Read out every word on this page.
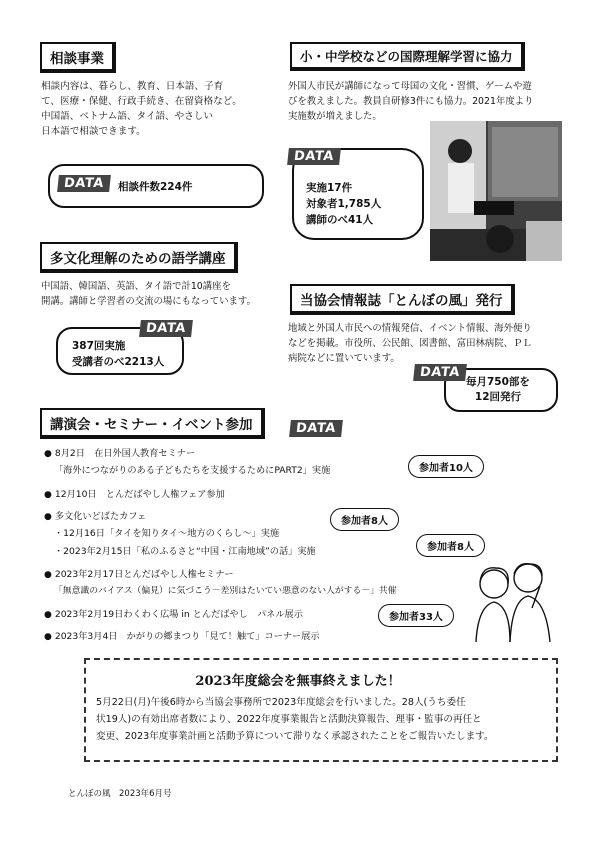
相談事業
相談内容は、暮らし、教育、日本語、子育
て、医療・保健、行政手続き、在留資格など。
中国語、ベトナム語、タイ語、やさしい
日本語で相談できます。
DATA	相談件数224件
小・中学校などの国際理解学習に協力
外国人市民が講師になって母国の文化・習慣、ゲームや遊
びを教えました。教員自研修3件にも協力。2021年度より
実施数が増えました。
DATA
実施17件
対象者1,785人
講師のべ41人
多文化理解のための語学講座
中国語、韓国語、英語、タイ語で計10講座を
開講。講師と学習者の交流の場にもなっています。
DATA
387回実施
受講者のべ2213人
当協会情報誌「とんぼの風」発行
地域と外国人市民への情報発信、イベント情報、海外便り
などを掲載。市役所、公民館、図書館、富田林病院、ＰＬ
病院などに置いています。
DATA
毎月750部を
12回発行
講演会・セミナー・イベント参加	DATA
● 8月2日　在日外国人教育セミナー
「海外につながりのある子どもたちを支援するためにPART2」実施
● 12月10日　とんだばやし人権フェア参加
● 多文化いどばたカフェ
・12月16日「タイを知りタイ～地方のくらし～」実施
・2023年2月15日「私のふるさと“中国・江南地域”の話」実施
● 2023年2月17日とんだばやし人権セミナー
「無意識のバイアス（偏見）に気づこう－差別はたいてい悪意のない人がする－」共催
● 2023年2月19日わくわく広場 in とんだばやし　パネル展示
● 2023年3月4日　かがりの郷まつり「見て！触て」コーナー展示
参加者10人
参加者8人
参加者8人
参加者33人
2023年度総会を無事終えました！
5月22日(月)午後6時から当協会事務所で2023年度総会を行いました。28人(うち委任
状19人)の有効出席者数により、2022年度事業報告と活動決算報告、理事・監事の再任と
変更、2023年度事業計画と活動予算について滞りなく承認されたことをご報告いたします。
とんぼの風　2023年6月号
